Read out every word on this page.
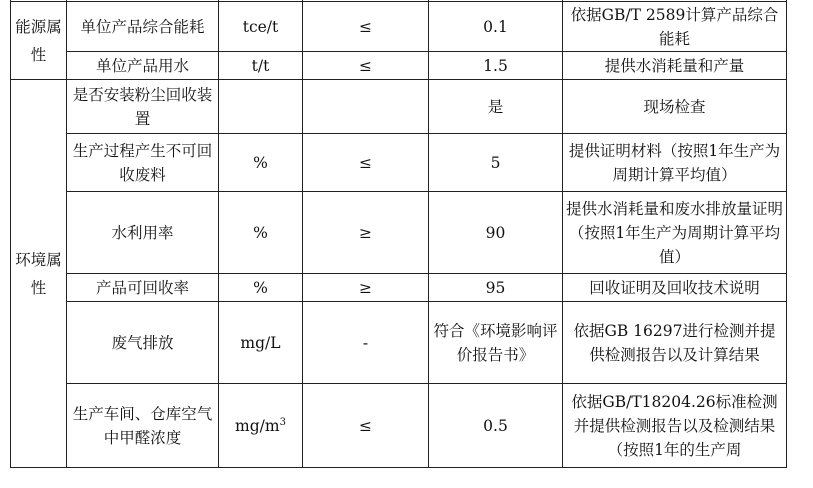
能源属性	单位产品综合能耗	tce/t	≤	0.1	依据GB/T 2589计算产品综合能耗
	单位产品用水	t/t	≤	1.5	提供水消耗量和产量
环境属性	是否安装粉尘回收装置			是	现场检查
	生产过程产生不可回收废料	%	≤	5	提供证明材料（按照1年生产为周期计算平均值）
	水利用率	%	≥	90	提供水消耗量和废水排放量证明（按照1年生产为周期计算平均值）
	产品可回收率	%	≥	95	回收证明及回收技术说明
	废气排放	mg/L	-	符合《环境影响评价报告书》	依据GB 16297进行检测并提供检测报告以及计算结果
	生产车间、仓库空气中甲醛浓度	$mg/m^3$	≤	0.5	依据GB/T18204.26标准检测并提供检测报告以及检测结果（按照1年的生产周
